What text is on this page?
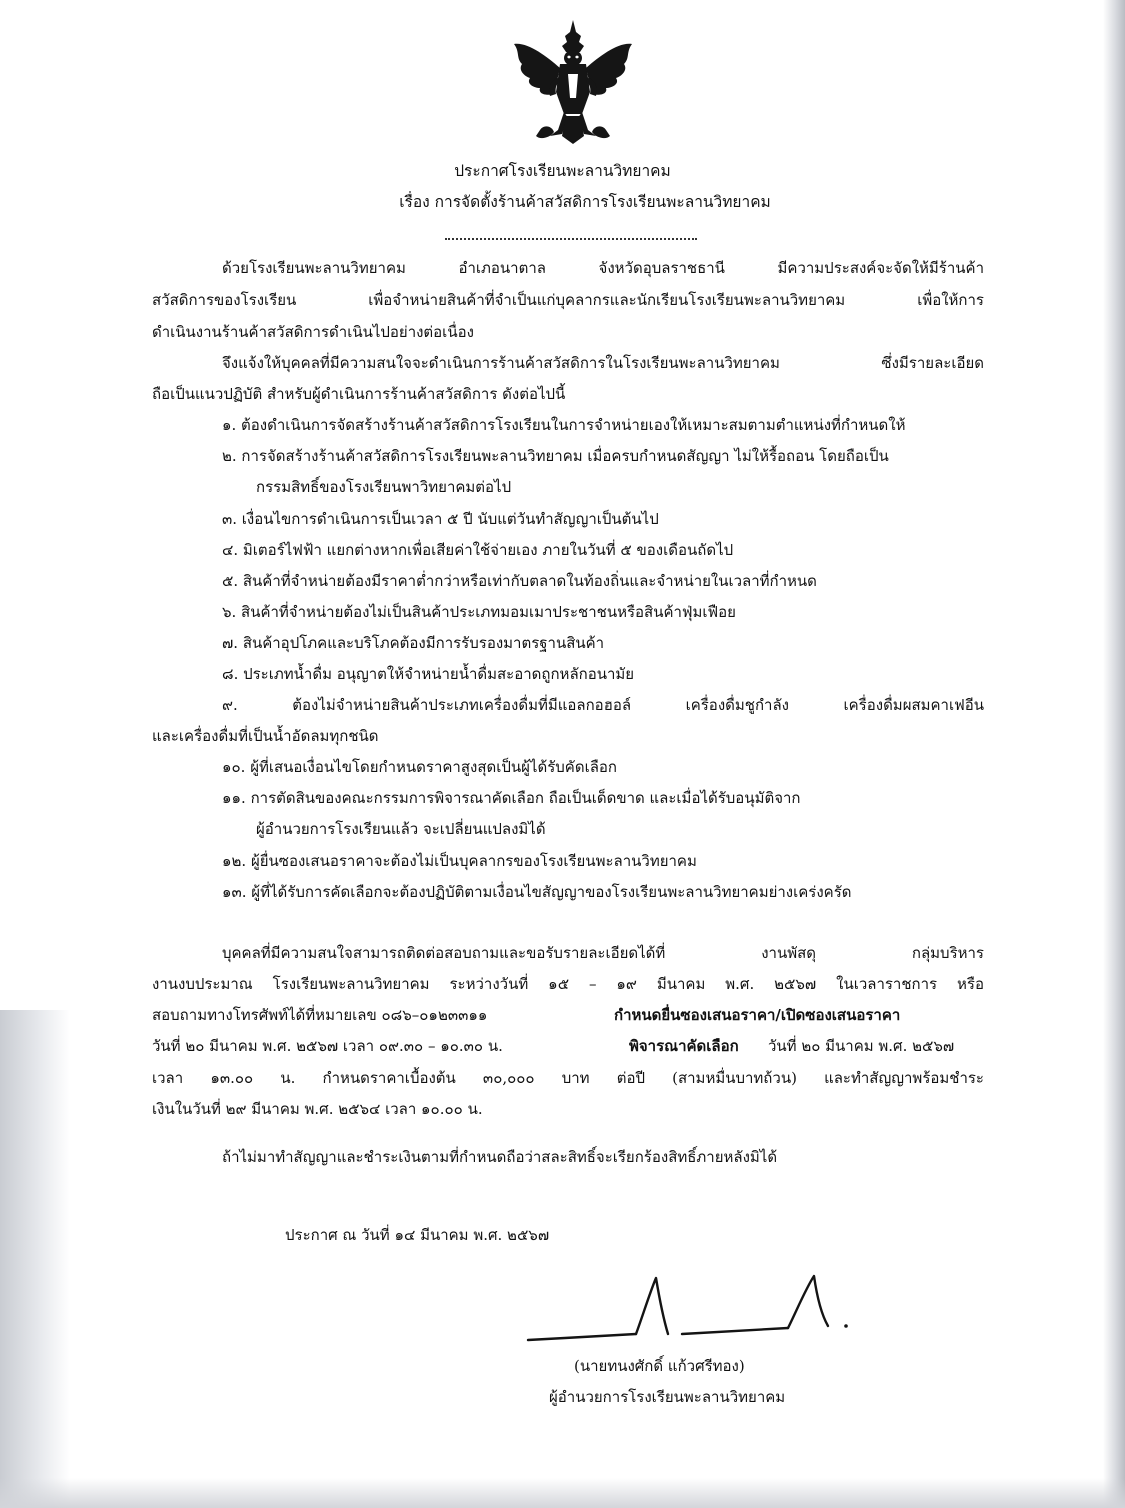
ประกาศโรงเรียนพะลานวิทยาคม
เรื่อง การจัดตั้งร้านค้าสวัสดิการโรงเรียนพะลานวิทยาคม
ด้วยโรงเรียนพะลานวิทยาคม อำเภอนาตาล จังหวัดอุบลราชธานี มีความประสงค์จะจัดให้มีร้านค้า
สวัสดิการของโรงเรียน เพื่อจำหน่ายสินค้าที่จำเป็นแก่บุคลากรและนักเรียนโรงเรียนพะลานวิทยาคม เพื่อให้การ
ดำเนินงานร้านค้าสวัสดิการดำเนินไปอย่างต่อเนื่อง
จึงแจ้งให้บุคคลที่มีความสนใจจะดำเนินการร้านค้าสวัสดิการในโรงเรียนพะลานวิทยาคม ซึ่งมีรายละเอียด
ถือเป็นแนวปฏิบัติ สำหรับผู้ดำเนินการร้านค้าสวัสดิการ ดังต่อไปนี้
๑. ต้องดำเนินการจัดสร้างร้านค้าสวัสดิการโรงเรียนในการจำหน่ายเองให้เหมาะสมตามตำแหน่งที่กำหนดให้
๒. การจัดสร้างร้านค้าสวัสดิการโรงเรียนพะลานวิทยาคม เมื่อครบกำหนดสัญญา ไม่ให้รื้อถอน โดยถือเป็น
กรรมสิทธิ์ของโรงเรียนพาวิทยาคมต่อไป
๓. เงื่อนไขการดำเนินการเป็นเวลา ๕ ปี นับแต่วันทำสัญญาเป็นต้นไป
๔. มิเตอร์ไฟฟ้า แยกต่างหากเพื่อเสียค่าใช้จ่ายเอง ภายในวันที่ ๕ ของเดือนถัดไป
๕. สินค้าที่จำหน่ายต้องมีราคาต่ำกว่าหรือเท่ากับตลาดในท้องถิ่นและจำหน่ายในเวลาที่กำหนด
๖. สินค้าที่จำหน่ายต้องไม่เป็นสินค้าประเภทมอมเมาประชาชนหรือสินค้าฟุ่มเฟือย
๗. สินค้าอุปโภคและบริโภคต้องมีการรับรองมาตรฐานสินค้า
๘. ประเภทน้ำดื่ม อนุญาตให้จำหน่ายน้ำดื่มสะอาดถูกหลักอนามัย
๙. ต้องไม่จำหน่ายสินค้าประเภทเครื่องดื่มที่มีแอลกอฮอล์ เครื่องดื่มชูกำลัง เครื่องดื่มผสมคาเฟอีน
และเครื่องดื่มที่เป็นน้ำอัดลมทุกชนิด
๑๐. ผู้ที่เสนอเงื่อนไขโดยกำหนดราคาสูงสุดเป็นผู้ได้รับคัดเลือก
๑๑. การตัดสินของคณะกรรมการพิจารณาคัดเลือก ถือเป็นเด็ดขาด และเมื่อได้รับอนุมัติจาก
ผู้อำนวยการโรงเรียนแล้ว จะเปลี่ยนแปลงมิได้
๑๒. ผู้ยื่นซองเสนอราคาจะต้องไม่เป็นบุคลากรของโรงเรียนพะลานวิทยาคม
๑๓. ผู้ที่ได้รับการคัดเลือกจะต้องปฏิบัติตามเงื่อนไขสัญญาของโรงเรียนพะลานวิทยาคมย่างเคร่งครัด
บุคคลที่มีความสนใจสามารถติดต่อสอบถามและขอรับรายละเอียดได้ที่ งานพัสดุ กลุ่มบริหาร
งานงบประมาณ โรงเรียนพะลานวิทยาคม ระหว่างวันที่ ๑๕ – ๑๙ มีนาคม พ.ศ. ๒๕๖๗ ในเวลาราชการ หรือ
สอบถามทางโทรศัพท์ได้ที่หมายเลข ๐๘๖–๐๑๒๓๓๑๑	กำหนดยื่นซองเสนอราคา/เปิดซองเสนอราคา
วันที่ ๒๐ มีนาคม พ.ศ. ๒๕๖๗ เวลา ๐๙.๓๐ – ๑๐.๓๐ น.	พิจารณาคัดเลือก วันที่ ๒๐ มีนาคม พ.ศ. ๒๕๖๗
เวลา ๑๓.๐๐ น. กำหนดราคาเบื้องต้น ๓๐,๐๐๐ บาท ต่อปี (สามหมื่นบาทถ้วน) และทำสัญญาพร้อมชำระ
เงินในวันที่ ๒๙ มีนาคม พ.ศ. ๒๕๖๔ เวลา ๑๐.๐๐ น.
ถ้าไม่มาทำสัญญาและชำระเงินตามที่กำหนดถือว่าสละสิทธิ์จะเรียกร้องสิทธิ์ภายหลังมิได้
ประกาศ ณ วันที่ ๑๔ มีนาคม พ.ศ. ๒๕๖๗
(นายทนงศักดิ์ แก้วศรีทอง)
ผู้อำนวยการโรงเรียนพะลานวิทยาคม
